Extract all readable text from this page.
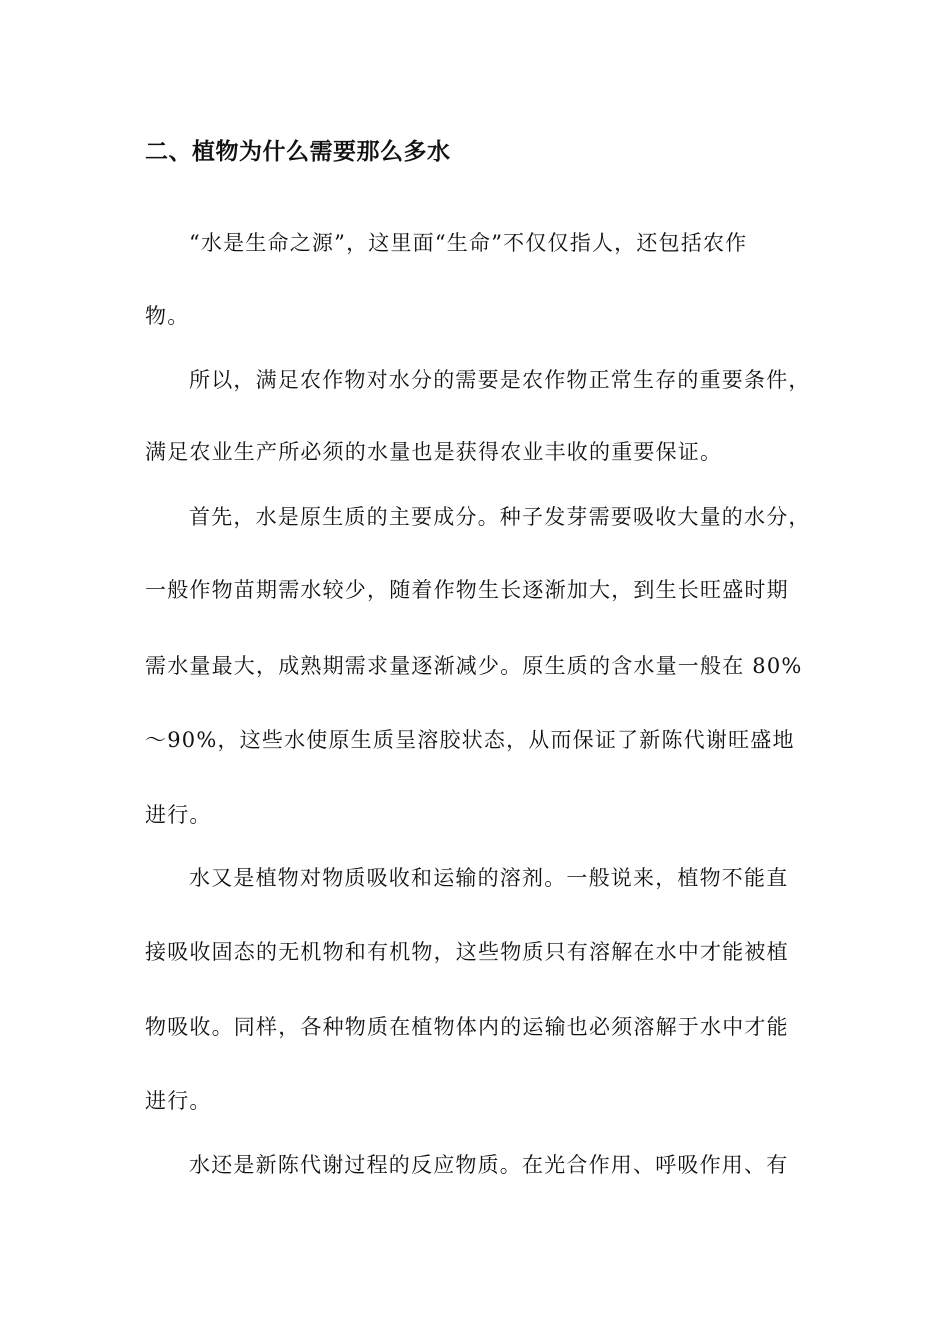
二、植物为什么需要那么多水

“水是生命之源”，这里面“生命”不仅仅指人，还包括农作

物。

所以，满足农作物对水分的需要是农作物正常生存的重要条件，

满足农业生产所必须的水量也是获得农业丰收的重要保证。

首先，水是原生质的主要成分。种子发芽需要吸收大量的水分，

一般作物苗期需水较少，随着作物生长逐渐加大，到生长旺盛时期

需水量最大，成熟期需求量逐渐减少。原生质的含水量一般在 80%

～90%，这些水使原生质呈溶胶状态，从而保证了新陈代谢旺盛地

进行。

水又是植物对物质吸收和运输的溶剂。一般说来，植物不能直

接吸收固态的无机物和有机物，这些物质只有溶解在水中才能被植

物吸收。同样，各种物质在植物体内的运输也必须溶解于水中才能

进行。

水还是新陈代谢过程的反应物质。在光合作用、呼吸作用、有
